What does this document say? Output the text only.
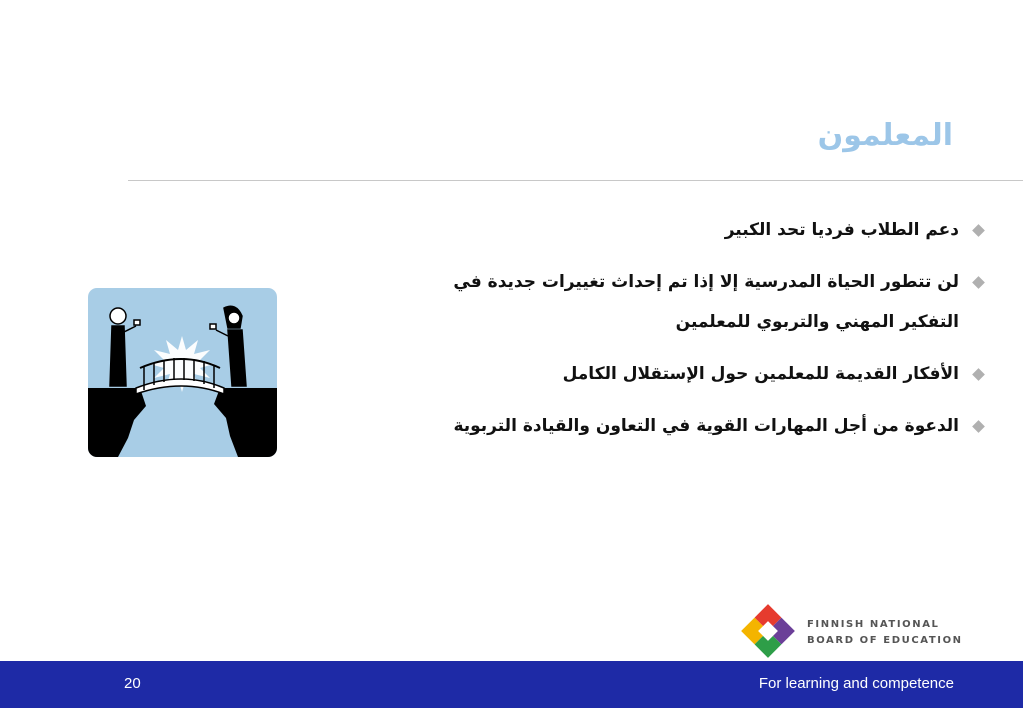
المعلمون
دعم الطلاب فرديا تحد الكبير
لن تتطور الحياة المدرسية إلا إذا تم إحداث تغييرات جديدة في التفكير المهني والتربوي للمعلمين
الأفكار القديمة للمعلمين حول الإستقلال الكامل
الدعوة من أجل المهارات القوية في التعاون والقيادة التربوية
FINNISH NATIONAL
BOARD OF EDUCATION
20	For learning and competence
